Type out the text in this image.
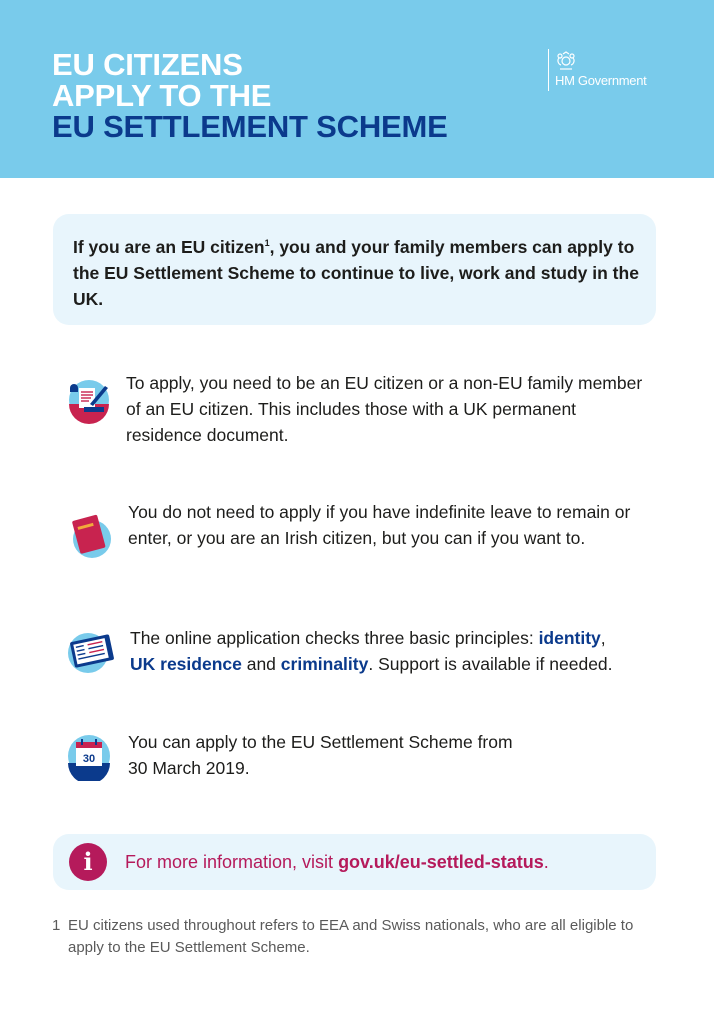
EU CITIZENS
APPLY TO THE
EU SETTLEMENT SCHEME
HM Government

If you are an EU citizen$^1$, you and your family members can apply to the EU Settlement Scheme to continue to live, work and study in the UK.

To apply, you need to be an EU citizen or a non-EU family member of an EU citizen. This includes those with a UK permanent residence document.

You do not need to apply if you have indefinite leave to remain or enter, or you are an Irish citizen, but you can if you want to.

The online application checks three basic principles: identity,
UK residence and criminality. Support is available if needed.

30

You can apply to the EU Settlement Scheme from
30 March 2019.

i	For more information, visit gov.uk/eu-settled-status.

1 EU citizens used throughout refers to EEA and Swiss nationals, who are all eligible to apply to the EU Settlement Scheme.
